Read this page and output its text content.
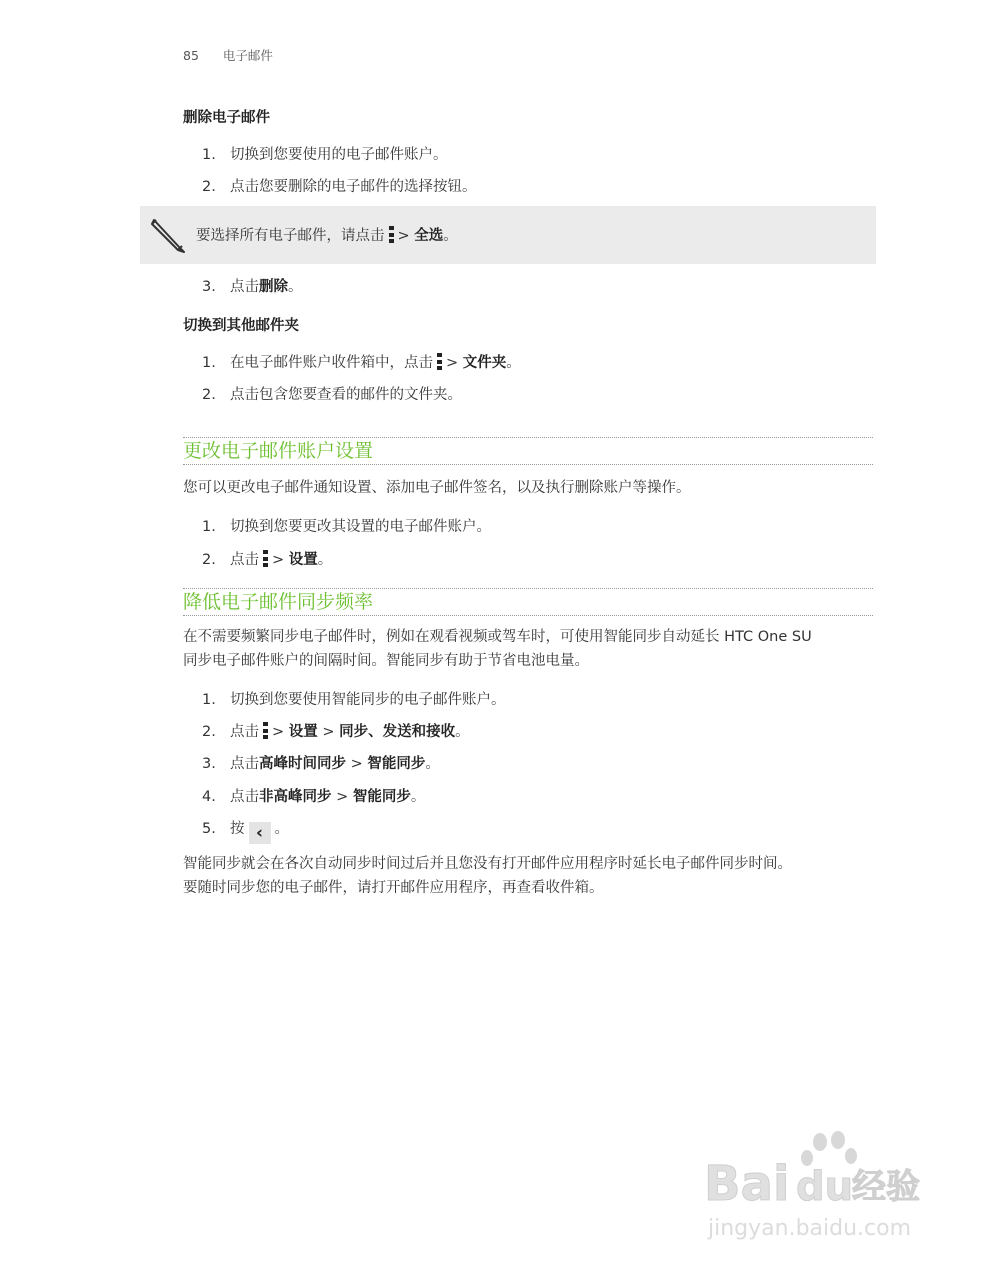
85 电子邮件
删除电子邮件
1. 切换到您要使用的电子邮件账户。
2. 点击您要删除的电子邮件的选择按钮。
要选择所有电子邮件，请点击 > 全选。
3. 点击删除。
切换到其他邮件夹
1. 在电子邮件账户收件箱中，点击 > 文件夹。
2. 点击包含您要查看的邮件的文件夹。
更改电子邮件账户设置
您可以更改电子邮件通知设置、添加电子邮件签名，以及执行删除账户等操作。
1. 切换到您要更改其设置的电子邮件账户。
2. 点击 > 设置。
降低电子邮件同步频率
在不需要频繁同步电子邮件时，例如在观看视频或驾车时，可使用智能同步自动延长 HTC One SU
同步电子邮件账户的间隔时间。智能同步有助于节省电池电量。
1. 切换到您要使用智能同步的电子邮件账户。
2. 点击 > 设置 > 同步、发送和接收。
3. 点击高峰时间同步 > 智能同步。
4. 点击非高峰同步 > 智能同步。
5. 按 ‹ 。
智能同步就会在各次自动同步时间过后并且您没有打开邮件应用程序时延长电子邮件同步时间。
要随时同步您的电子邮件，请打开邮件应用程序，再查看收件箱。
Bai du
经验
jingyan.baidu.com
